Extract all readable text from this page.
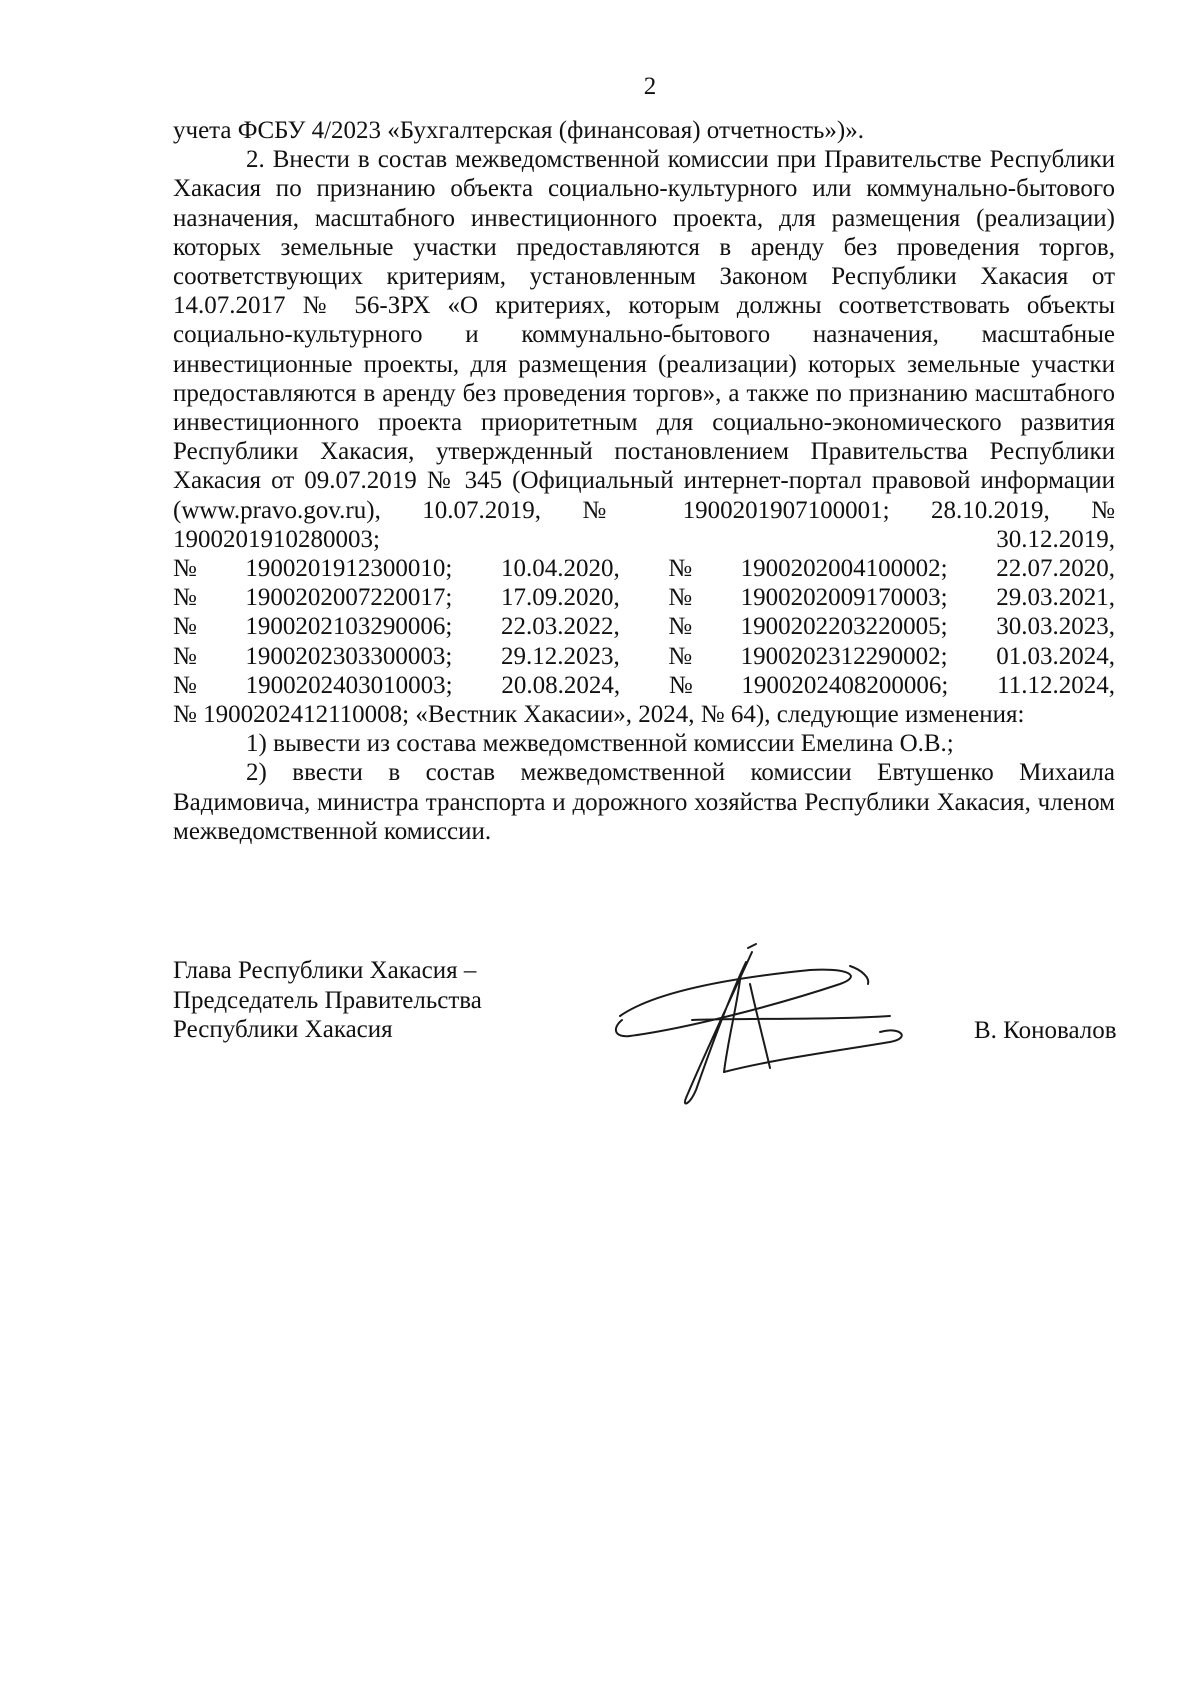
2

учета ФСБУ 4/2023 «Бухгалтерская (финансовая) отчетность»)».

2. Внести в состав межведомственной комиссии при Правительстве Республики Хакасия по признанию объекта социально-культурного или коммунально-бытового назначения, масштабного инвестиционного проекта, для размещения (реализации) которых земельные участки предоставляются в аренду без проведения торгов, соответствующих критериям, установленным Законом Республики Хакасия от 14.07.2017 № 56-ЗРХ «О критериях, которым должны соответствовать объекты социально-культурного и коммунально-бытового назначения, масштабные инвестиционные проекты, для размещения (реализации) которых земельные участки предоставляются в аренду без проведения торгов», а также по признанию масштабного инвестиционного проекта приоритетным для социально-экономического развития Республики Хакасия, утвержденный постановлением Правительства Республики Хакасия от 09.07.2019 № 345 (Официальный интернет-портал правовой информации (www.pravo.gov.ru), 10.07.2019, № 1900201907100001; 28.10.2019, № 1900201910280003; 30.12.2019,

№ 1900201912300010; 10.04.2020, № 1900202004100002; 22.07.2020,
№ 1900202007220017; 17.09.2020, № 1900202009170003; 29.03.2021,
№ 1900202103290006; 22.03.2022, № 1900202203220005; 30.03.2023,
№ 1900202303300003; 29.12.2023, № 1900202312290002; 01.03.2024,
№ 1900202403010003; 20.08.2024, № 1900202408200006; 11.12.2024,

№ 1900202412110008; «Вестник Хакасии», 2024, № 64), следующие изменения:

1) вывести из состава межведомственной комиссии Емелина О.В.;

2) ввести в состав межведомственной комиссии Евтушенко Михаила Вадимовича, министра транспорта и дорожного хозяйства Республики Хакасия, членом межведомственной комиссии.

Глава Республики Хакасия –
Председатель Правительства
Республики Хакасия	В. Коновалов
